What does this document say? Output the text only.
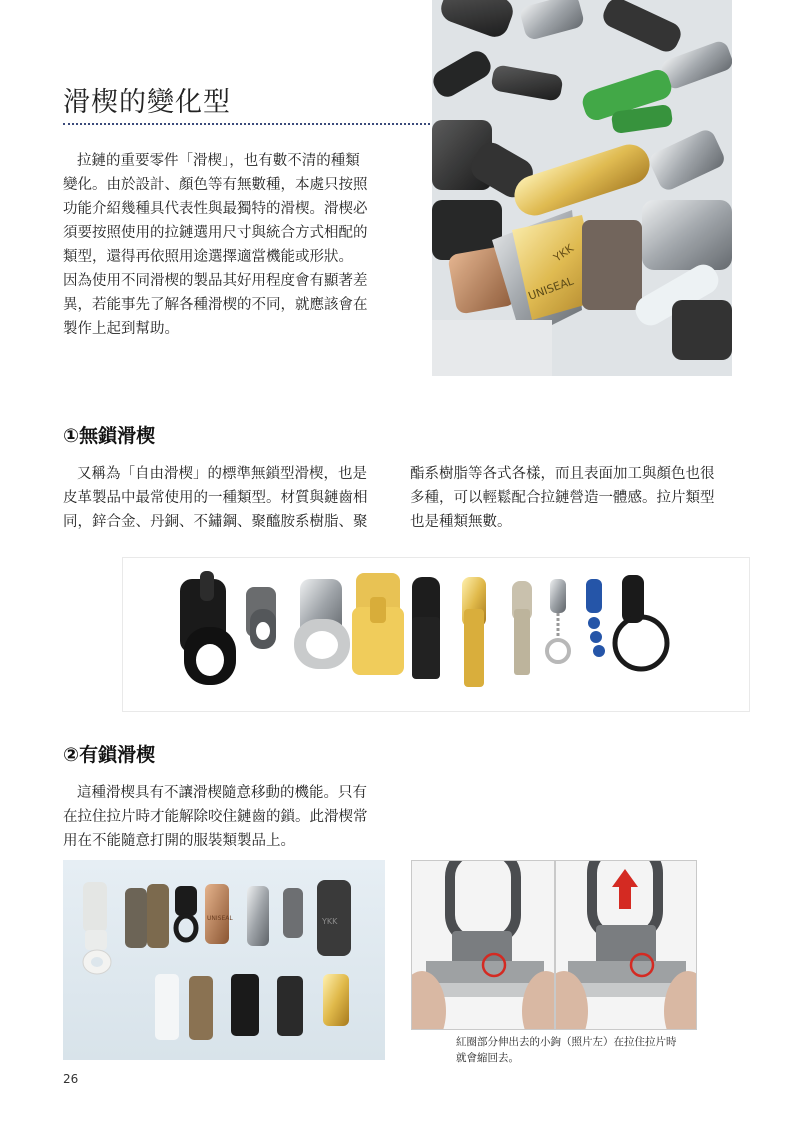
滑楔的變化型
拉鏈的重要零件「滑楔」，也有數不清的種類
變化。由於設計、顏色等有無數種，本處只按照
功能介紹幾種具代表性與最獨特的滑楔。滑楔必
須要按照使用的拉鏈選用尺寸與統合方式相配的
類型，還得再依照用途選擇適當機能或形狀。
因為使用不同滑楔的製品其好用程度會有顯著差
異，若能事先了解各種滑楔的不同，就應該會在
製作上起到幫助。
UNISEAL
YKK
①無鎖滑楔
又稱為「自由滑楔」的標準無鎖型滑楔，也是
皮革製品中最常使用的一種類型。材質與鏈齒相
同，鋅合金、丹銅、不鏽鋼、聚醯胺系樹脂、聚
酯系樹脂等各式各樣，而且表面加工與顏色也很
多種，可以輕鬆配合拉鏈營造一體感。拉片類型
也是種類無數。
②有鎖滑楔
這種滑楔具有不讓滑楔隨意移動的機能。只有
在拉住拉片時才能解除咬住鏈齒的鎖。此滑楔常
用在不能隨意打開的服裝類製品上。
UNISEAL	YKK
紅圈部分伸出去的小鉤（照片左）在拉住拉片時
就會縮回去。
26
